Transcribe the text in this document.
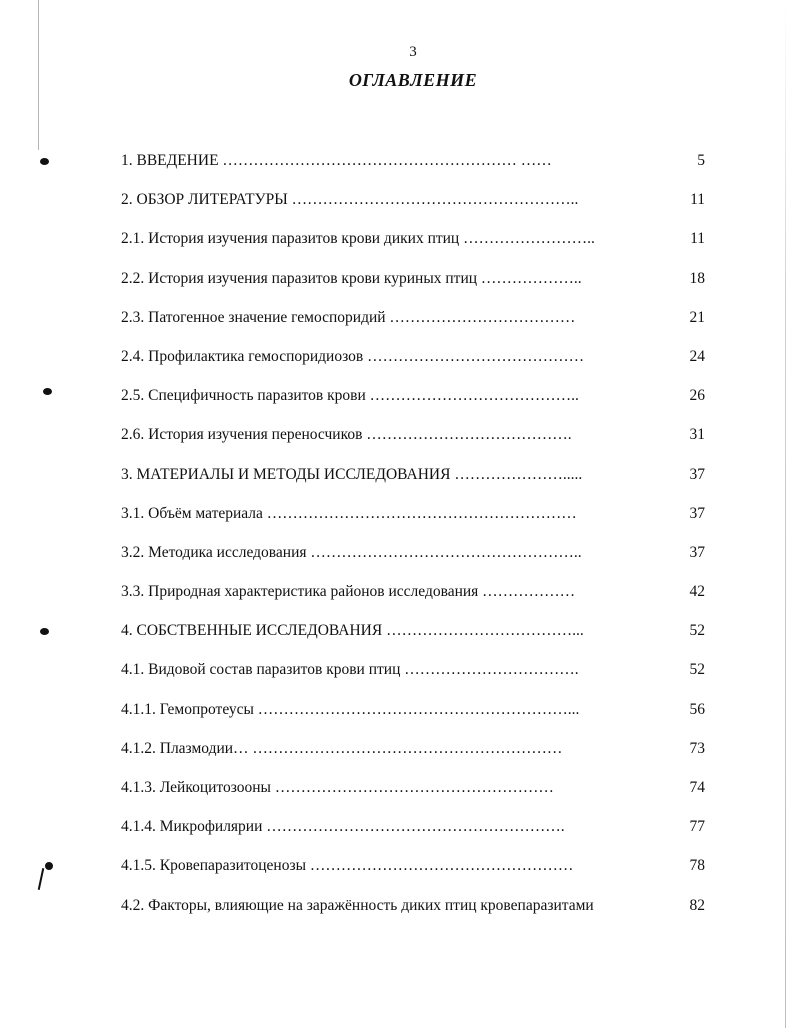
3
ОГЛАВЛЕНИЕ
1. ВВЕДЕНИЕ ………………………………………………… ……	5
2. ОБЗОР ЛИТЕРАТУРЫ ………………………………………………..	11
2.1. История изучения паразитов крови диких птиц ……………………..	11
2.2. История изучения паразитов крови куриных птиц ………………..	18
2.3. Патогенное значение гемоспоридий ………………………………	21
2.4. Профилактика гемоспоридиозов ……………………………………	24
2.5. Специфичность паразитов крови …………………………………..	26
2.6. История изучения переносчиков ………………………………….	31
3. МАТЕРИАЛЫ И МЕТОДЫ ИССЛЕДОВАНИЯ ………………….....	37
3.1. Объём материала ……………………………………………………	37
3.2. Методика исследования ……………………………………………..	37
3.3. Природная характеристика районов исследования ………………	42
4. СОБСТВЕННЫЕ ИССЛЕДОВАНИЯ ………………………………...	52
4.1. Видовой состав паразитов крови птиц …………………………….	52
4.1.1. Гемопротеусы ……………………………………………………...	56
4.1.2. Плазмодии… ……………………………………………………	73
4.1.3. Лейкоцитозооны ………………………………………………	74
4.1.4. Микрофилярии ………………………………………………….	77
4.1.5. Кровепаразитоценозы ……………………………………………	78
4.2. Факторы, влияющие на заражённость диких птиц кровепаразитами	82
